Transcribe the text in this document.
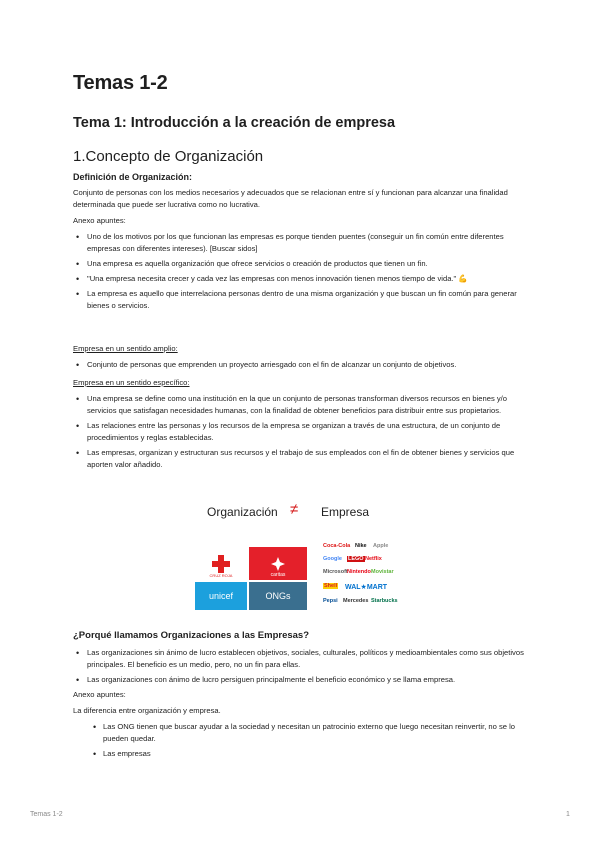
Temas 1-2
Tema 1: Introducción a la creación de empresa
1.Concepto de Organización
Definición de Organización:
Conjunto de personas con los medios necesarios y adecuados que se relacionan entre sí y funcionan para alcanzar una finalidad determinada que puede ser lucrativa como no lucrativa.
Anexo apuntes:
• Uno de los motivos por los que funcionan las empresas es porque tienden puentes (conseguir un fin común entre diferentes empresas con diferentes intereses). [Buscar sidos]
• Una empresa es aquella organización que ofrece servicios o creación de productos que tienen un fin.
• "Una empresa necesita crecer y cada vez las empresas con menos innovación tienen menos tiempo de vida." 💪
• La empresa es aquello que interrelaciona personas dentro de una misma organización y que buscan un fin común para generar bienes o servicios.
Empresa en un sentido amplio:
• Conjunto de personas que emprenden un proyecto arriesgado con el fin de alcanzar un conjunto de objetivos.
Empresa en un sentido específico:
• Una empresa se define como una institución en la que un conjunto de personas transforman diversos recursos en bienes y/o servicios que satisfagan necesidades humanas, con la finalidad de obtener beneficios para distribuir entre sus propietarios.
• Las relaciones entre las personas y los recursos de la empresa se organizan a través de una estructura, de un conjunto de procedimientos y reglas establecidas.
• Las empresas, organizan y estructuran sus recursos y el trabajo de sus empleados con el fin de obtener bienes y servicios que aporten valor añadido.
¿Porqué llamamos Organizaciones a las Empresas?
• Las organizaciones sin ánimo de lucro establecen objetivos, sociales, culturales, políticos y medioambientales como sus objetivos principales. El beneficio es un medio, pero, no un fin para ellas.
• Las organizaciones con ánimo de lucro persiguen principalmente el beneficio económico y se llama empresa.
Anexo apuntes:
La diferencia entre organización y empresa.
• Las ONG tienen que buscar ayudar a la sociedad y necesitan un patrocinio externo que luego necesitan reinvertir, no se lo pueden quedar.
• Las empresas
Organización ≠ Empresa
CRUZ ROJA	caritas
unicef	ONGs
Coca-Cola Nike Apple
Google LEGO Netflix
Microsoft Nintendo Movistar
Shell WAL★MART
Pepsi Mercedes Starbucks
Temas 1-2	1
